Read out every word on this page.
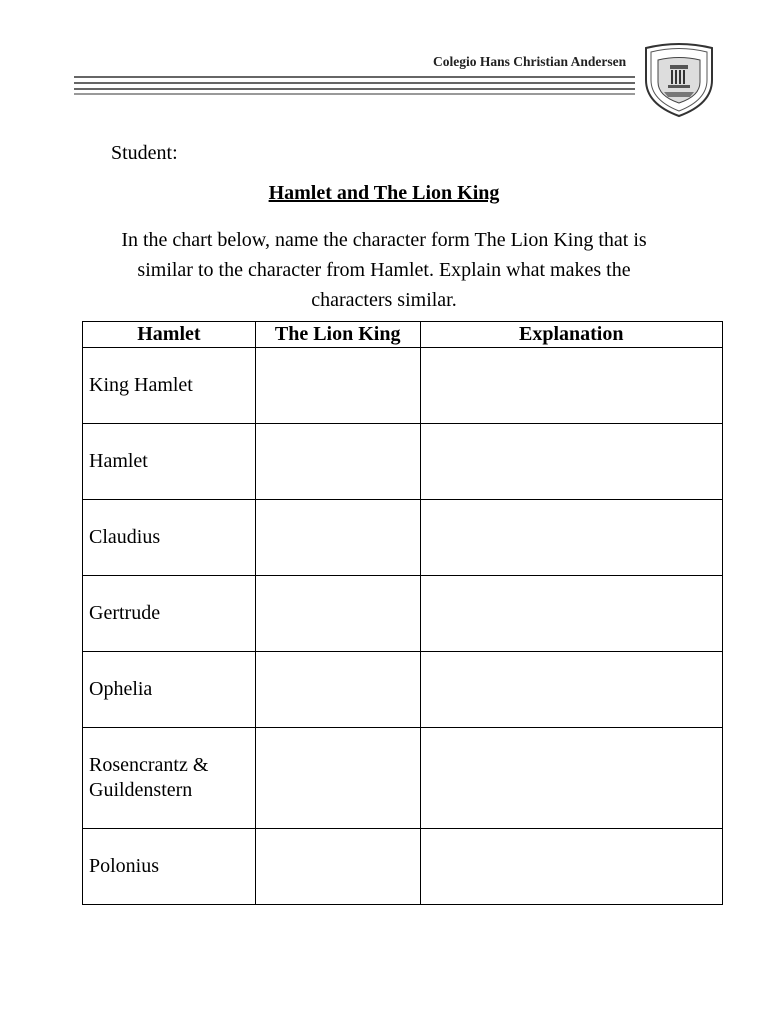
Colegio Hans Christian Andersen
Student:
Hamlet and The Lion King
In the chart below, name the character form The Lion King that is similar to the character from Hamlet. Explain what makes the characters similar.
Hamlet	The Lion King	Explanation
King Hamlet		
Hamlet		
Claudius		
Gertrude		
Ophelia		
Rosencrantz & Guildenstern		
Polonius		
